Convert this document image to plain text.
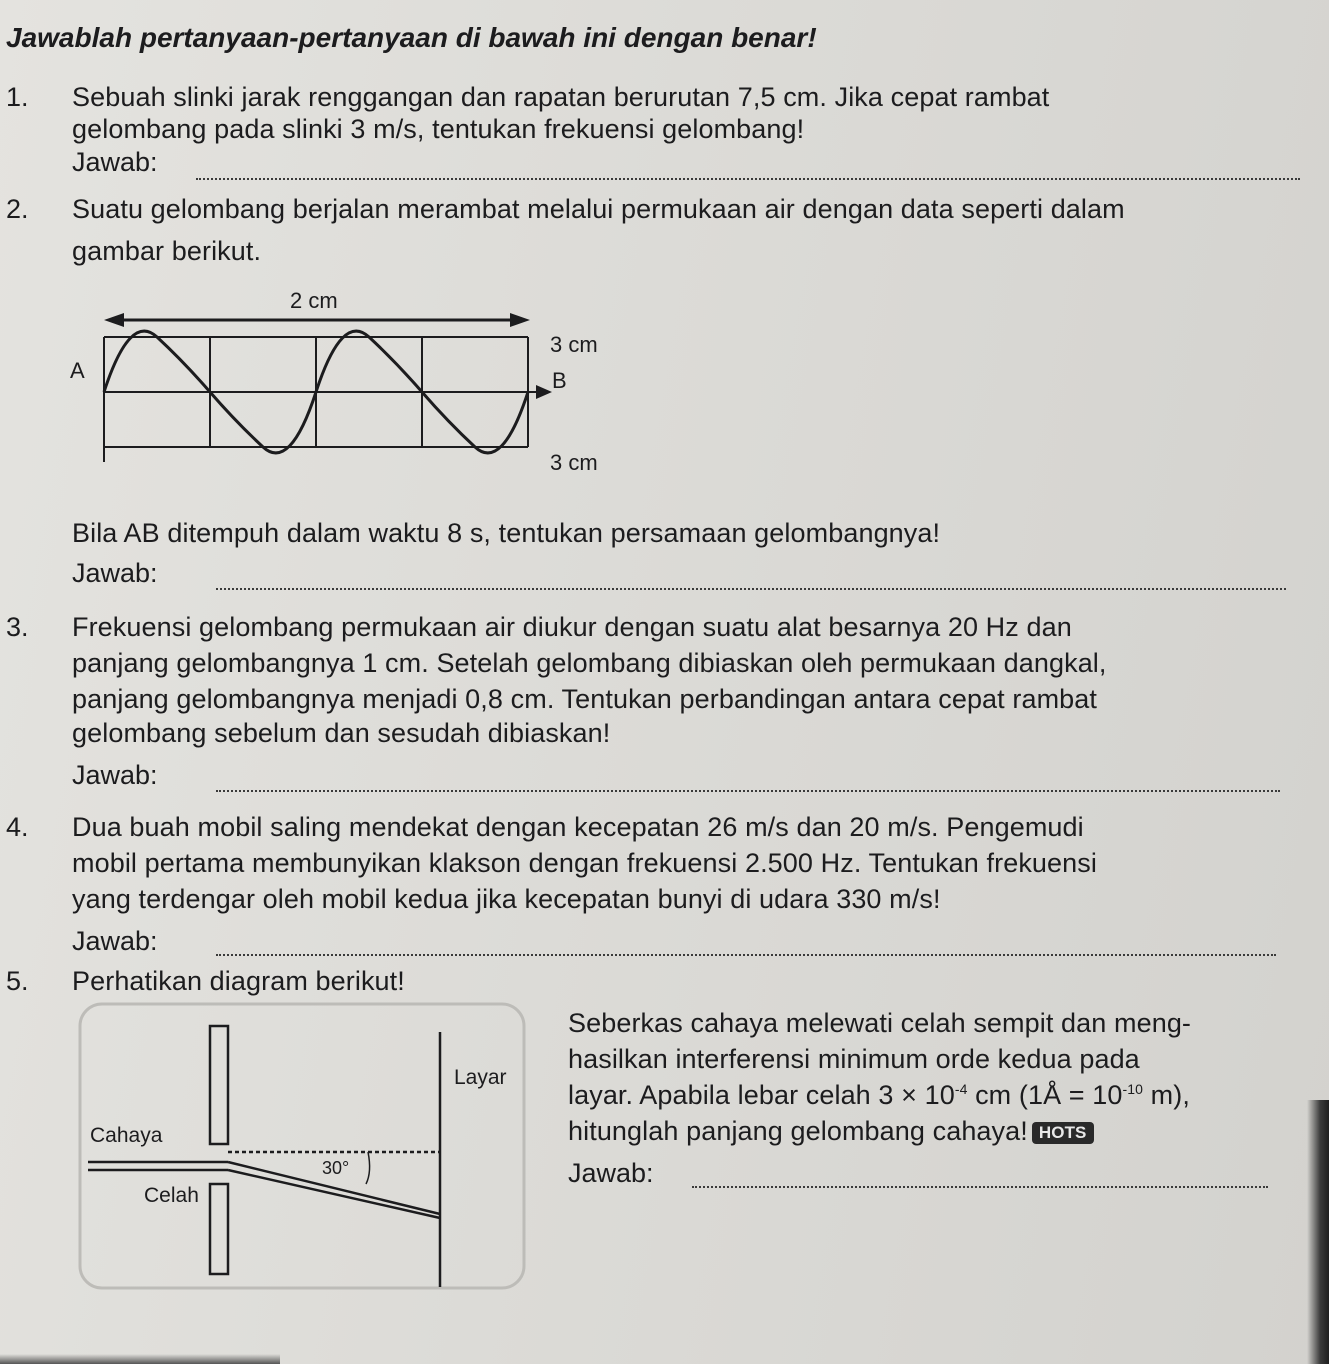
Jawablah pertanyaan-pertanyaan di bawah ini dengan benar!
1. Sebuah slinki jarak renggangan dan rapatan berurutan 7,5 cm. Jika cepat rambat
gelombang pada slinki 3 m/s, tentukan frekuensi gelombang!
Jawab:
2. Suatu gelombang berjalan merambat melalui permukaan air dengan data seperti dalam
gambar berikut.
2 cm
3 cm
A	B
3 cm
Bila AB ditempuh dalam waktu 8 s, tentukan persamaan gelombangnya!
Jawab:
3. Frekuensi gelombang permukaan air diukur dengan suatu alat besarnya 20 Hz dan
panjang gelombangnya 1 cm. Setelah gelombang dibiaskan oleh permukaan dangkal,
panjang gelombangnya menjadi 0,8 cm. Tentukan perbandingan antara cepat rambat
gelombang sebelum dan sesudah dibiaskan!
Jawab:
4. Dua buah mobil saling mendekat dengan kecepatan 26 m/s dan 20 m/s. Pengemudi
mobil pertama membunyikan klakson dengan frekuensi 2.500 Hz. Tentukan frekuensi
yang terdengar oleh mobil kedua jika kecepatan bunyi di udara 330 m/s!
Jawab:
5. Perhatikan diagram berikut!
Layar
Cahaya
30°
Celah
Seberkas cahaya melewati celah sempit dan meng-
hasilkan interferensi minimum orde kedua pada
layar. Apabila lebar celah $3 \times 10^{-4}$ cm (1Å = $10^{-10}$ m),
hitunglah panjang gelombang cahaya! HOTS
Jawab:
